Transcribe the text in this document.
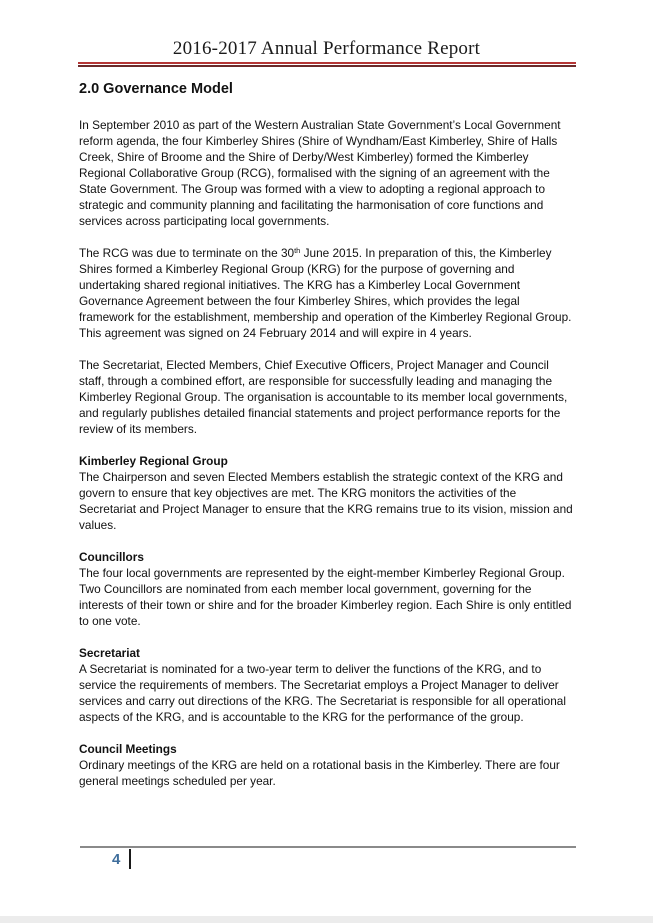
2016-2017 Annual Performance Report
2.0 Governance Model

In September 2010 as part of the Western Australian State Government’s Local Government reform agenda, the four Kimberley Shires (Shire of Wyndham/East Kimberley, Shire of Halls Creek, Shire of Broome and the Shire of Derby/West Kimberley) formed the Kimberley Regional Collaborative Group (RCG), formalised with the signing of an agreement with the State Government. The Group was formed with a view to adopting a regional approach to strategic and community planning and facilitating the harmonisation of core functions and services across participating local governments.

The RCG was due to terminate on the 30th June 2015. In preparation of this, the Kimberley Shires formed a Kimberley Regional Group (KRG) for the purpose of governing and undertaking shared regional initiatives. The KRG has a Kimberley Local Government Governance Agreement between the four Kimberley Shires, which provides the legal framework for the establishment, membership and operation of the Kimberley Regional Group. This agreement was signed on 24 February 2014 and will expire in 4 years.

The Secretariat, Elected Members, Chief Executive Officers, Project Manager and Council staff, through a combined effort, are responsible for successfully leading and managing the Kimberley Regional Group. The organisation is accountable to its member local governments, and regularly publishes detailed financial statements and project performance reports for the review of its members.

Kimberley Regional Group
The Chairperson and seven Elected Members establish the strategic context of the KRG and govern to ensure that key objectives are met. The KRG monitors the activities of the Secretariat and Project Manager to ensure that the KRG remains true to its vision, mission and values.

Councillors
The four local governments are represented by the eight-member Kimberley Regional Group. Two Councillors are nominated from each member local government, governing for the interests of their town or shire and for the broader Kimberley region. Each Shire is only entitled to one vote.

Secretariat
A Secretariat is nominated for a two-year term to deliver the functions of the KRG, and to service the requirements of members. The Secretariat employs a Project Manager to deliver services and carry out directions of the KRG. The Secretariat is responsible for all operational aspects of the KRG, and is accountable to the KRG for the performance of the group.

Council Meetings
Ordinary meetings of the KRG are held on a rotational basis in the Kimberley. There are four general meetings scheduled per year.

4
